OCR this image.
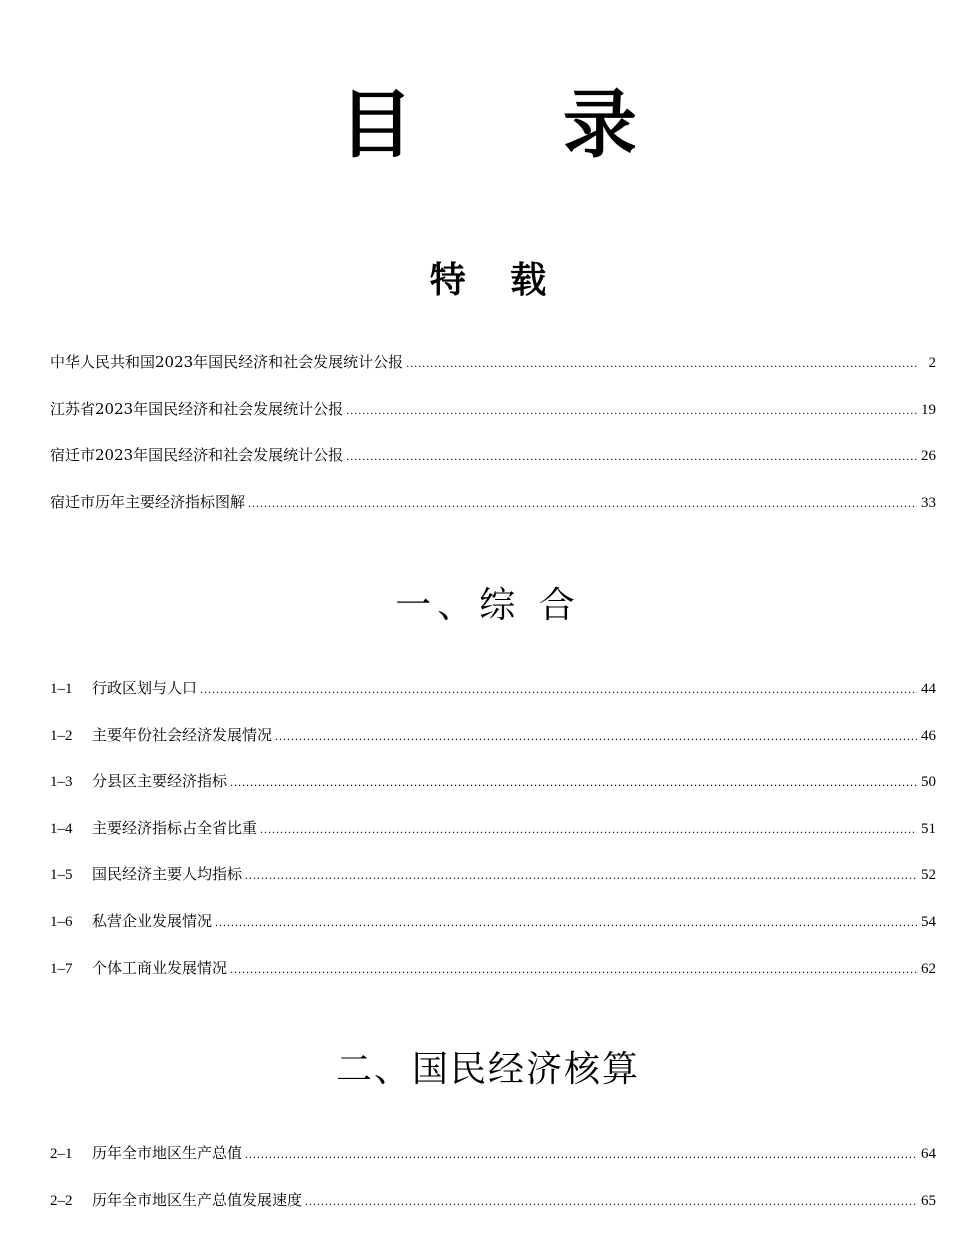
目 录
特 载
中华人民共和国2023年国民经济和社会发展统计公报 .....	2
江苏省2023年国民经济和社会发展统计公报 .....	19
宿迁市2023年国民经济和社会发展统计公报 .....	26
宿迁市历年主要经济指标图解 .....	33
一、综 合
1–1	行政区划与人口 .....	44
1–2	主要年份社会经济发展情况 .....	46
1–3	分县区主要经济指标 .....	50
1–4	主要经济指标占全省比重 .....	51
1–5	国民经济主要人均指标 .....	52
1–6	私营企业发展情况 .....	54
1–7	个体工商业发展情况 .....	62
二、国民经济核算
2–1	历年全市地区生产总值 .....	64
2–2	历年全市地区生产总值发展速度 .....	65
